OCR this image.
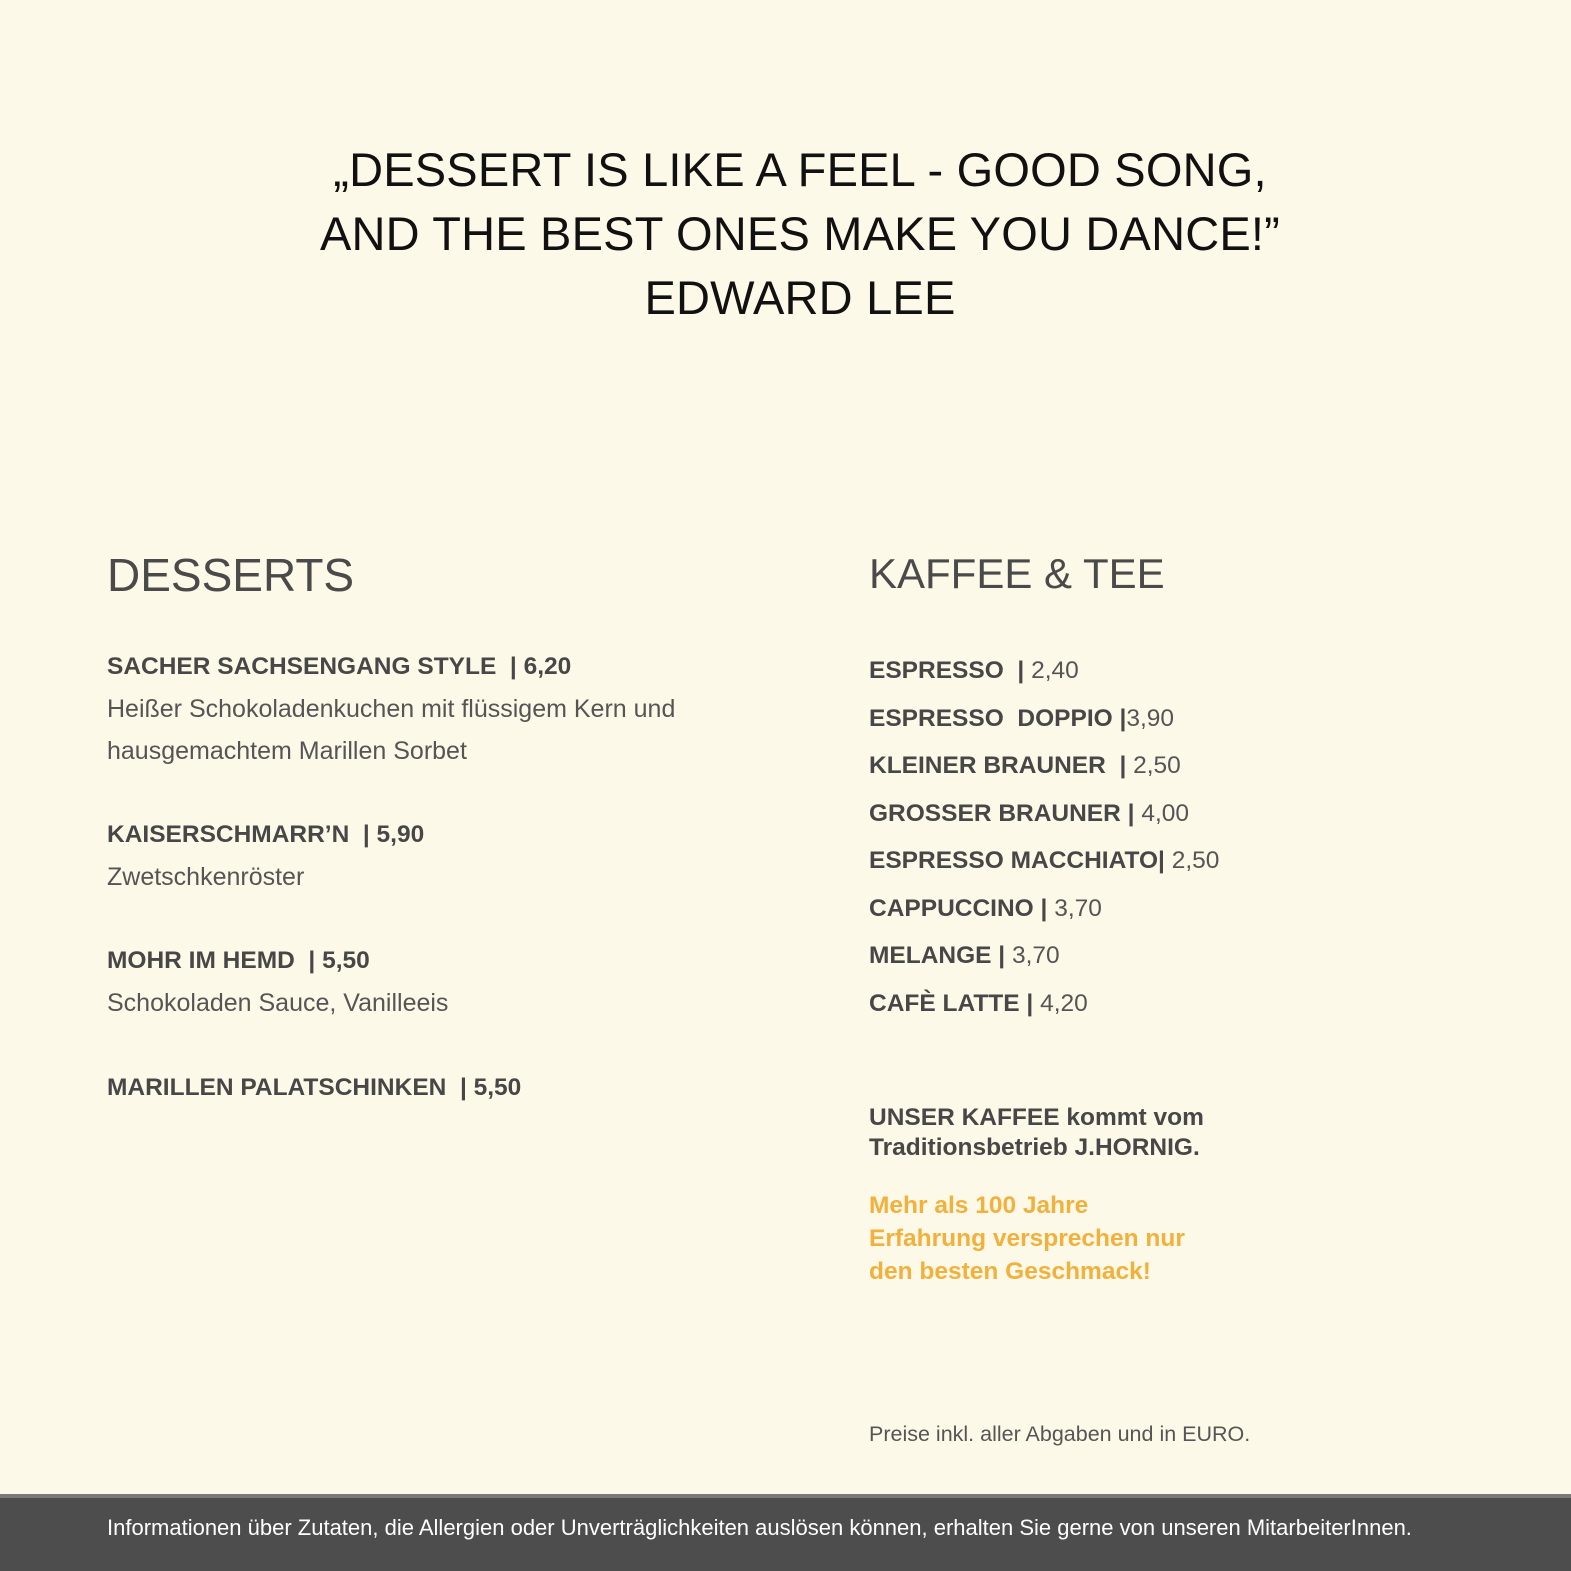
„DESSERT IS LIKE A FEEL - GOOD SONG,
AND THE BEST ONES MAKE YOU DANCE!”
EDWARD LEE
DESSERTS
SACHER SACHSENGANG STYLE  | 6,20
Heißer Schokoladenkuchen mit flüssigem Kern und hausgemachtem Marillen Sorbet
KAISERSCHMARR’N  | 5,90
Zwetschkenröster
MOHR IM HEMD  | 5,50
Schokoladen Sauce, Vanilleeis
MARILLEN PALATSCHINKEN  | 5,50
KAFFEE & TEE
ESPRESSO  | 2,40
ESPRESSO  DOPPIO |3,90
KLEINER BRAUNER  | 2,50
GROSSER BRAUNER | 4,00
ESPRESSO MACCHIATO| 2,50
CAPPUCCINO | 3,70
MELANGE | 3,70
CAFÈ LATTE | 4,20
UNSER KAFFEE kommt vom
Traditionsbetrieb J.HORNIG.
Mehr als 100 Jahre
Erfahrung versprechen nur
den besten Geschmack!
Preise inkl. aller Abgaben und in EURO.
Informationen über Zutaten, die Allergien oder Unverträglichkeiten auslösen können, erhalten Sie gerne von unseren MitarbeiterInnen.
